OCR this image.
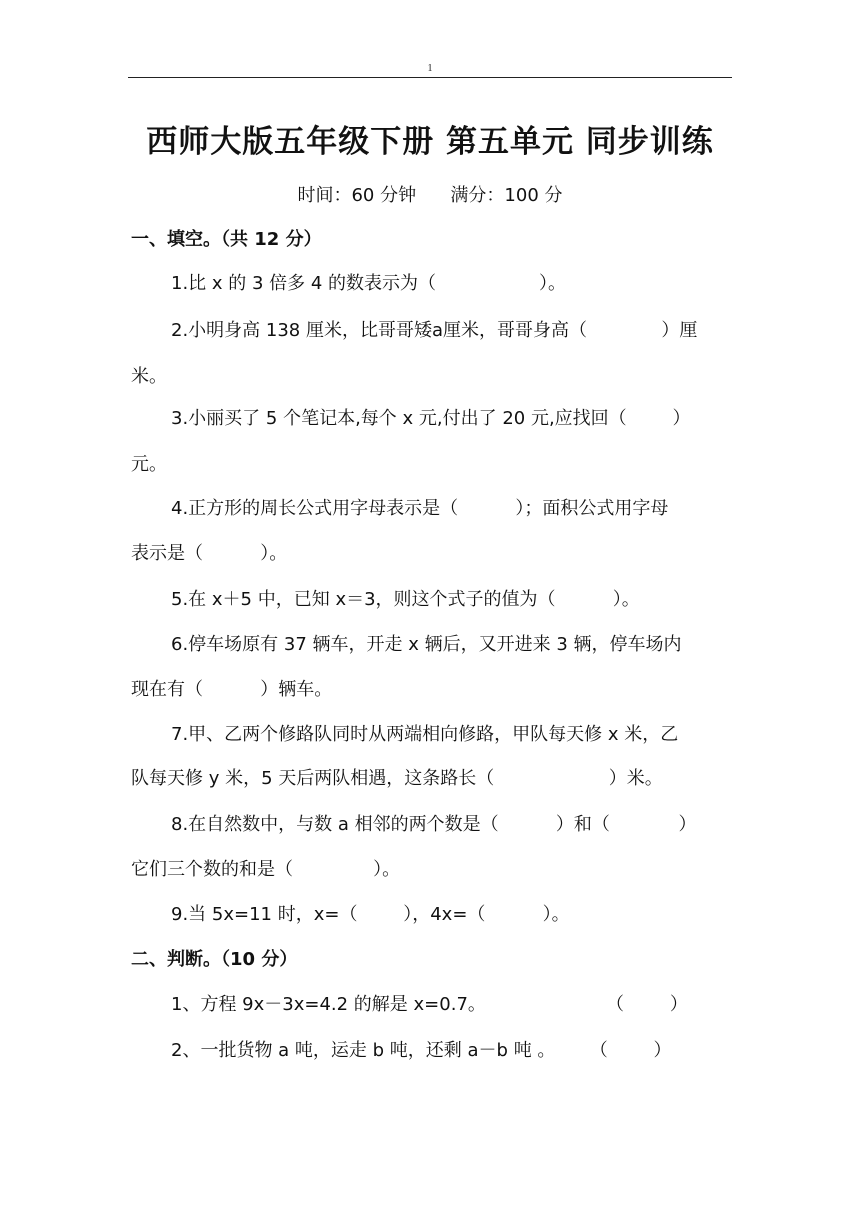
1
西师大版五年级下册 第五单元 同步训练
时间：60 分钟      满分：100 分
一、填空。（共 12 分）
1.比 x 的 3 倍多 4 的数表示为（                  ）。
2.小明身高 138 厘米，比哥哥矮a厘米，哥哥身高（             ）厘
米。
3.小丽买了 5 个笔记本,每个 x 元,付出了 20 元,应找回（        ）
元。
4.正方形的周长公式用字母表示是（          ）；面积公式用字母
表示是（          ）。
5.在 x＋5 中，已知 x＝3，则这个式子的值为（          ）。
6.停车场原有 37 辆车，开走 x 辆后，又开进来 3 辆，停车场内
现在有（          ）辆车。
7.甲、乙两个修路队同时从两端相向修路，甲队每天修 x 米，乙
队每天修 y 米，5 天后两队相遇，这条路长（                    ）米。
8.在自然数中，与数 a 相邻的两个数是（          ）和（            ）
它们三个数的和是（              ）。
9.当 5x=11 时，x=（        ），4x=（          ）。
二、判断。（10 分）
1、方程 9x－3x=4.2 的解是 x=0.7。                     （        ）
2、一批货物 a 吨，运走 b 吨，还剩 a－b 吨 。      （        ）
